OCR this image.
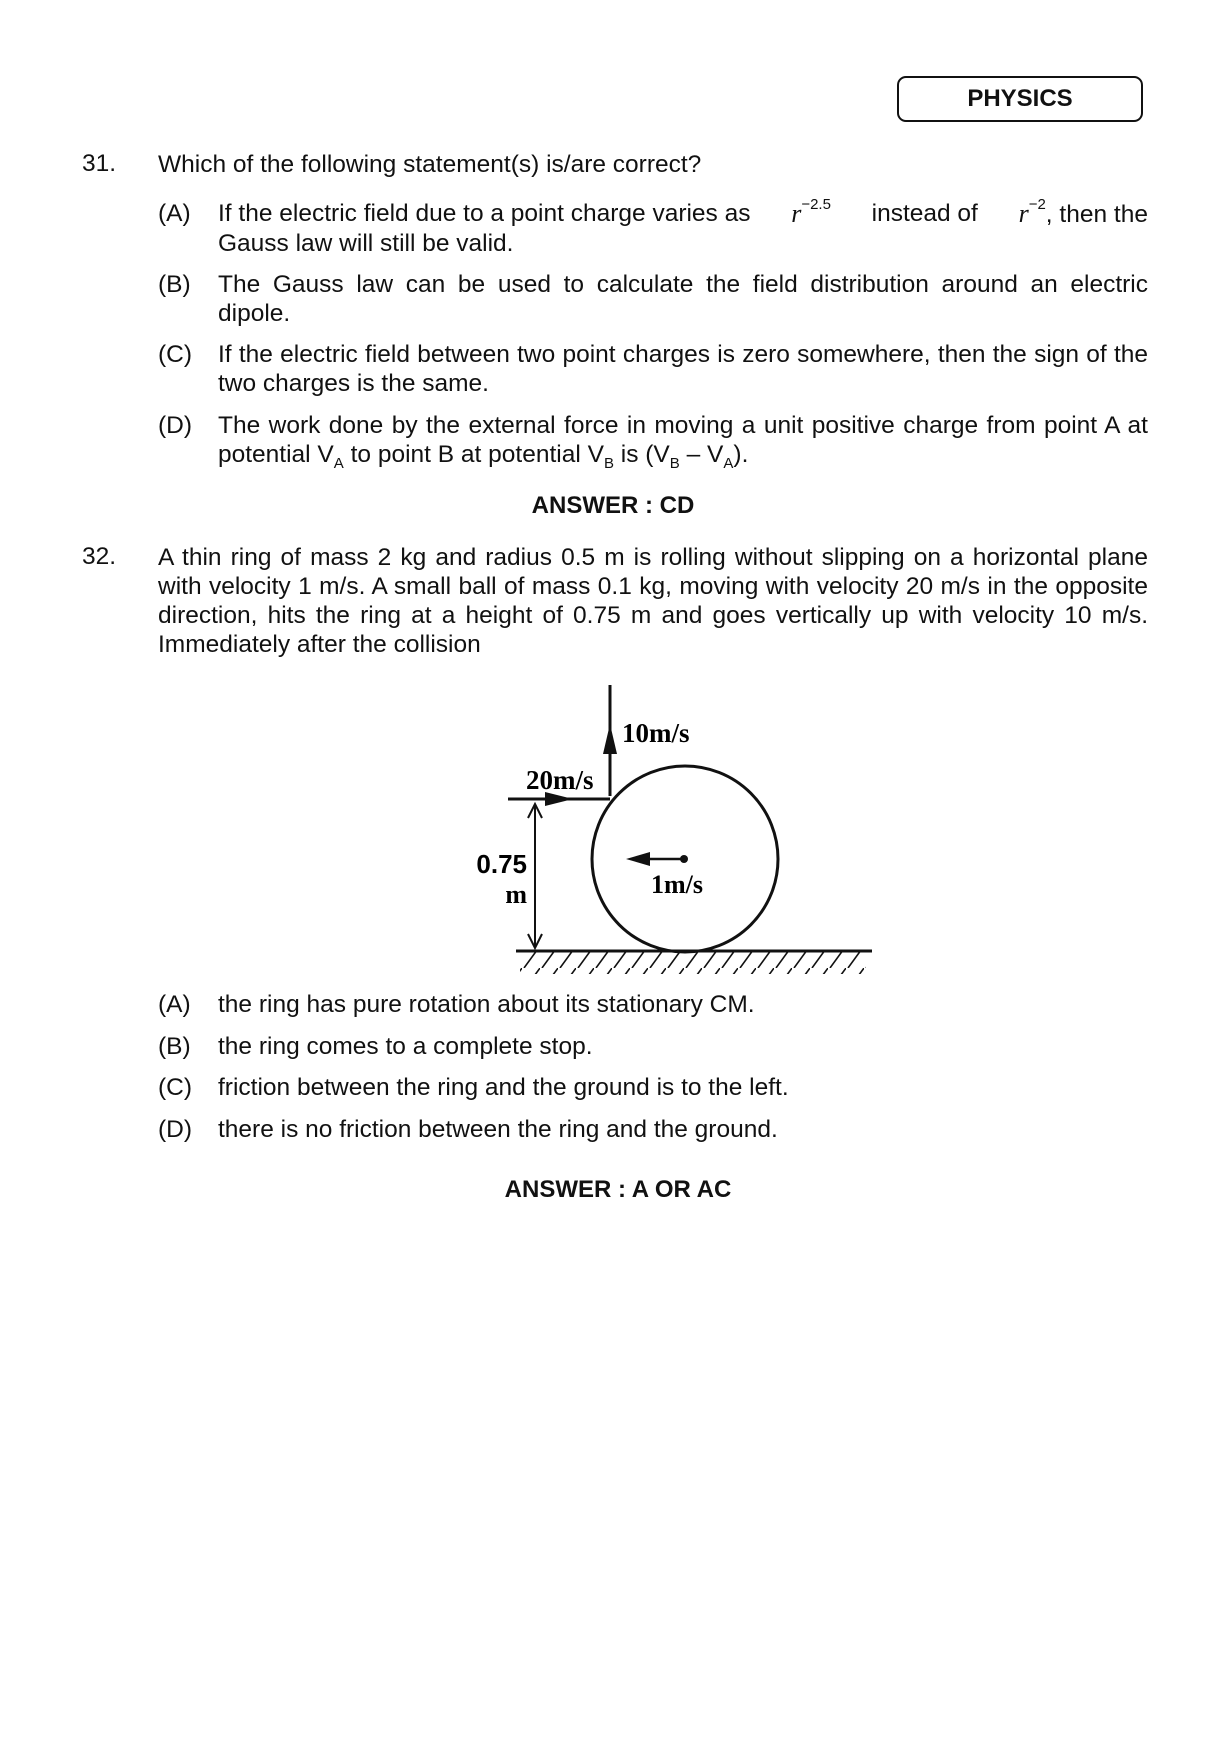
PHYSICS
31. Which of the following statement(s) is/are correct?
(A) If the electric field due to a point charge varies as $r^{-2.5}$ instead of $r^{-2}$, then the
Gauss law will still be valid.
(B) The Gauss law can be used to calculate the field distribution around an electric dipole.
(C) If the electric field between two point charges is zero somewhere, then the sign of the two charges is the same.
(D) The work done by the external force in moving a unit positive charge from point A at potential $V_A$ to point B at potential $V_B$ is $(V_B - V_A)$.
ANSWER : CD
32. A thin ring of mass 2 kg and radius 0.5 m is rolling without slipping on a horizontal plane with velocity 1 m/s. A small ball of mass 0.1 kg, moving with velocity 20 m/s in the opposite direction, hits the ring at a height of 0.75 m and goes vertically up with velocity 10 m/s. Immediately after the collision
1m/s
10m/s
20m/s
0.75
m
(A) the ring has pure rotation about its stationary CM.
(B) the ring comes to a complete stop.
(C) friction between the ring and the ground is to the left.
(D) there is no friction between the ring and the ground.
ANSWER : A OR AC
